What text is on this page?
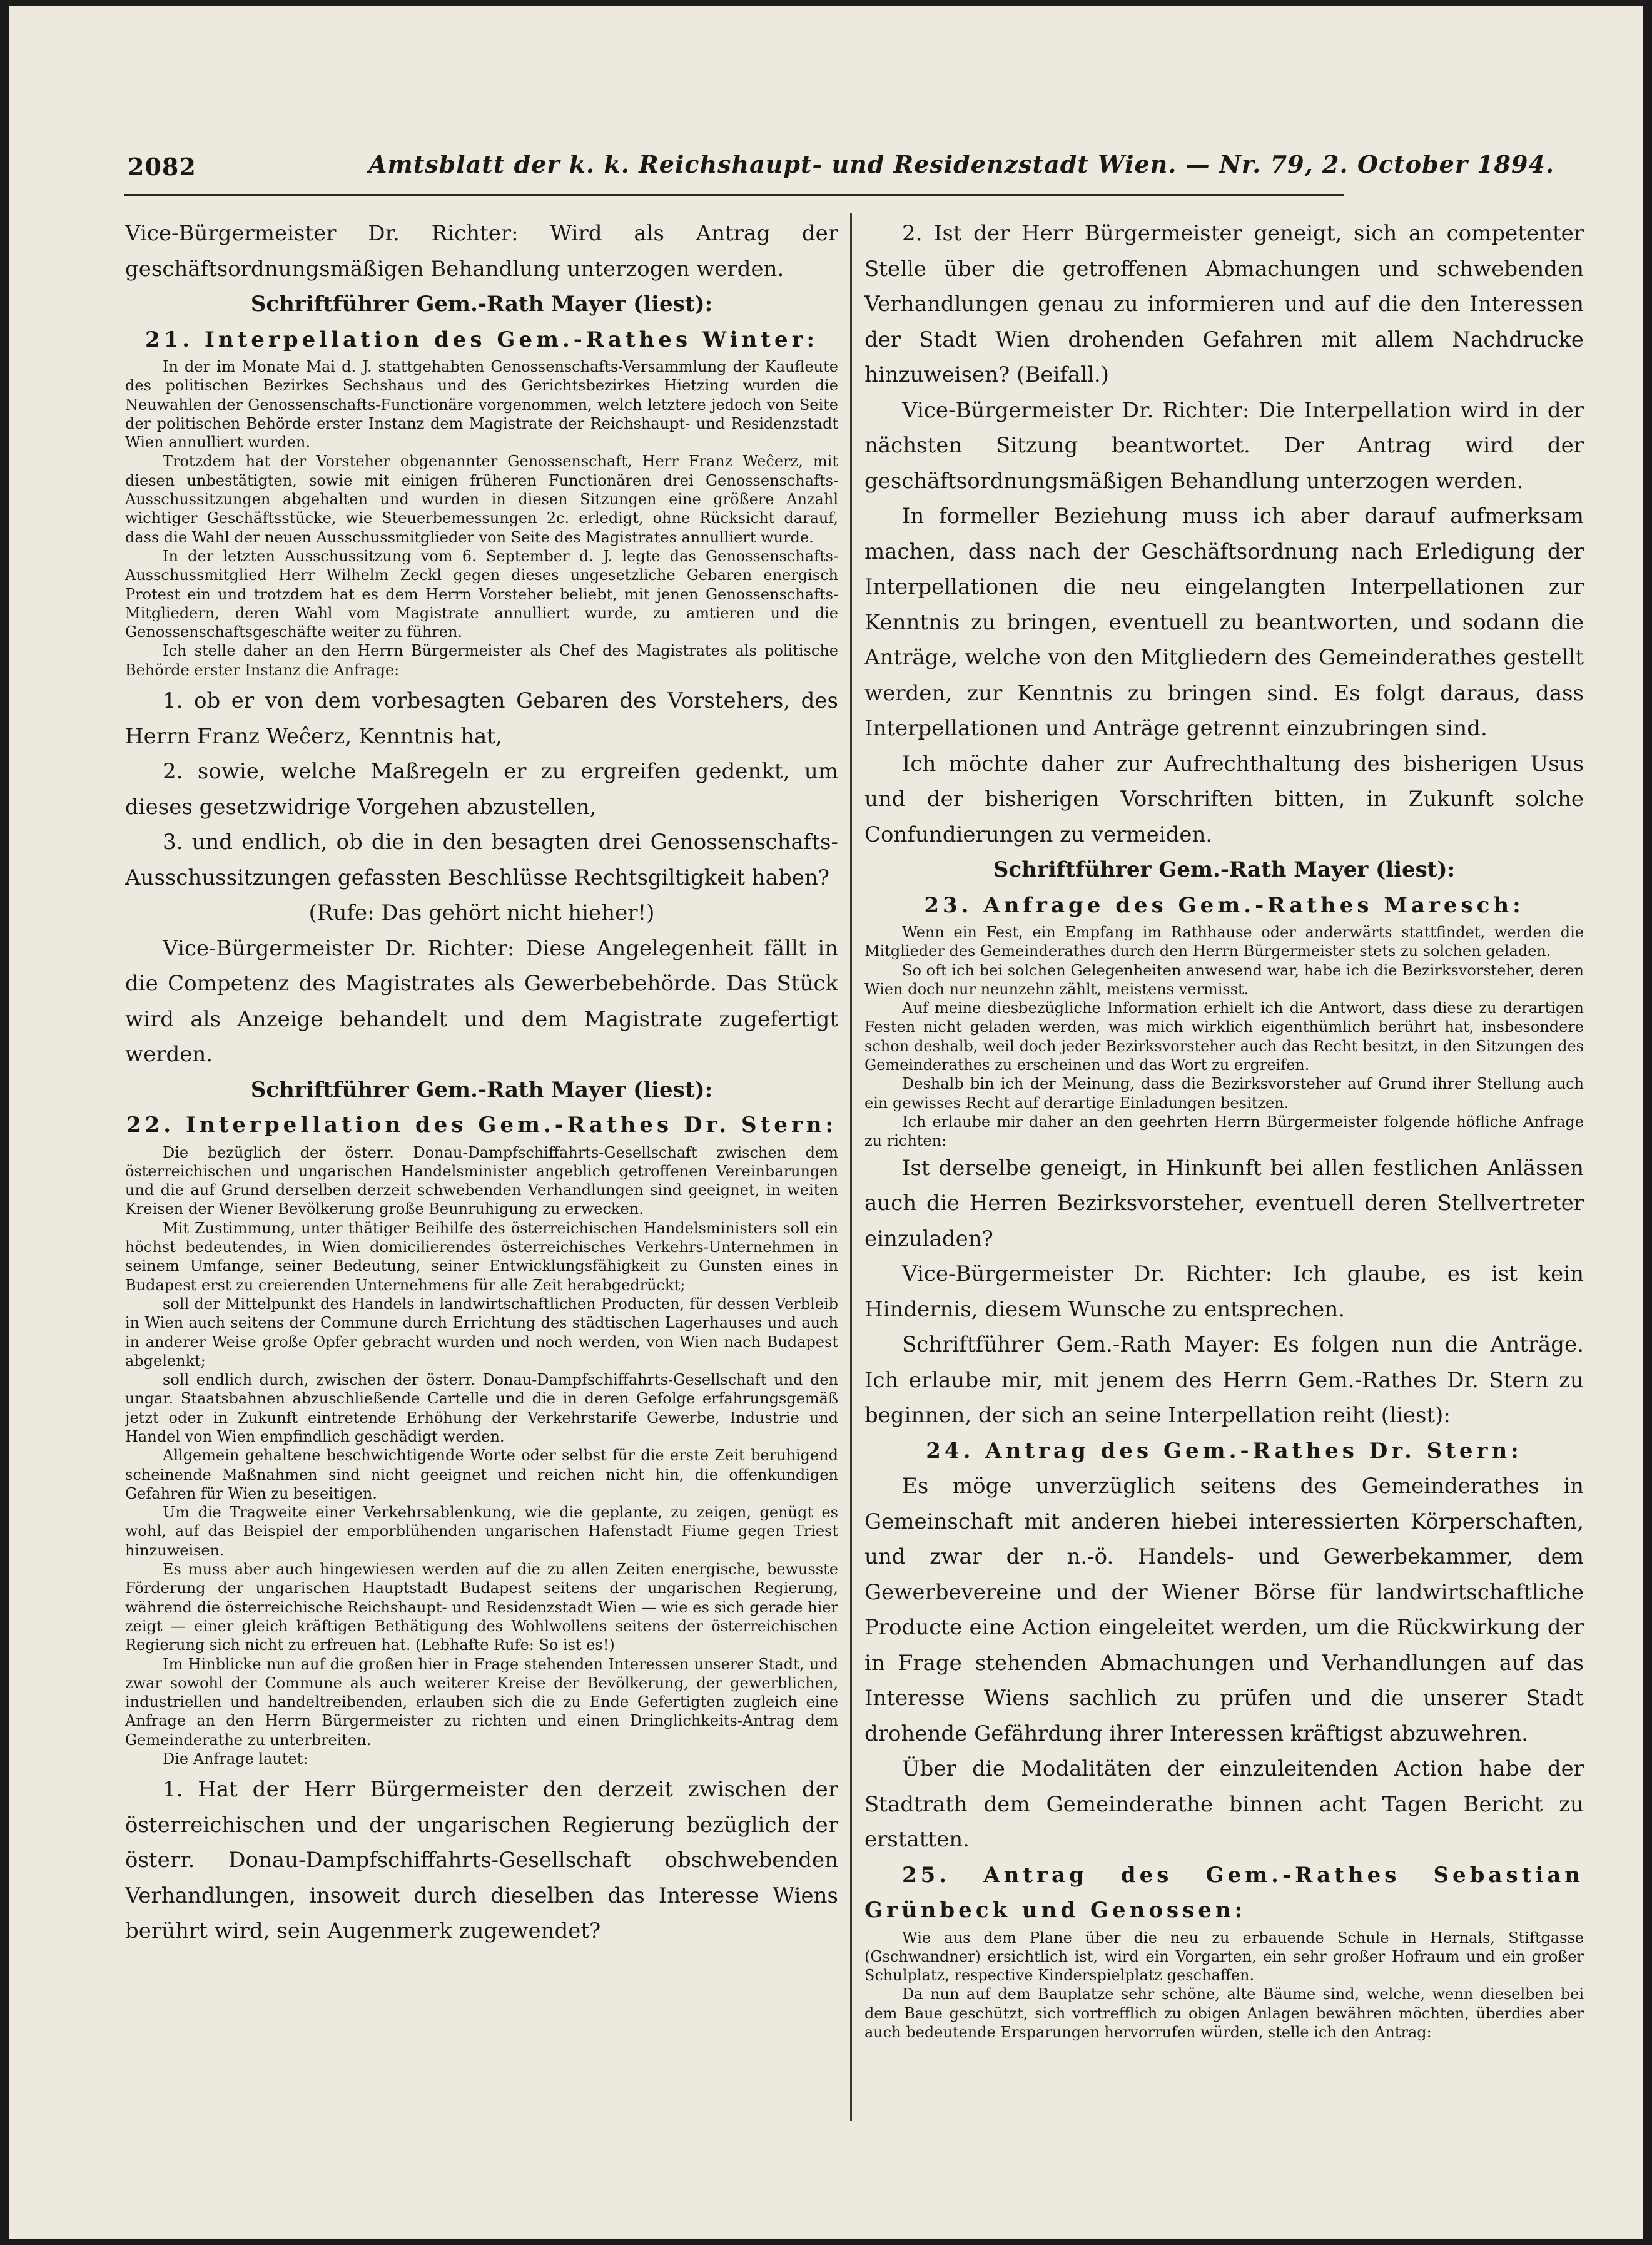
2082	Amtsblatt der k. k. Reichshaupt- und Residenzstadt Wien. — Nr. 79, 2. October 1894.

Vice-Bürgermeister Dr. Richter: Wird als Antrag der geschäftsordnungsmäßigen Behandlung unterzogen werden.

Schriftführer Gem.-Rath Mayer (liest):

21. Interpellation des Gem.-Rathes Winter:

In der im Monate Mai d. J. stattgehabten Genossenschafts-Versammlung der Kaufleute des politischen Bezirkes Sechshaus und des Gerichtsbezirkes Hietzing wurden die Neuwahlen der Genossenschafts-Functionäre vorgenommen, welch letztere jedoch von Seite der politischen Behörde erster Instanz dem Magistrate der Reichshaupt- und Residenzstadt Wien annulliert wurden.

Trotzdem hat der Vorsteher obgenannter Genossenschaft, Herr Franz Weĉerz, mit diesen unbestätigten, sowie mit einigen früheren Functionären drei Genossenschafts-Ausschussitzungen abgehalten und wurden in diesen Sitzungen eine größere Anzahl wichtiger Geschäftsstücke, wie Steuerbemessungen 2c. erledigt, ohne Rücksicht darauf, dass die Wahl der neuen Ausschussmitglieder von Seite des Magistrates annulliert wurde.

In der letzten Ausschussitzung vom 6. September d. J. legte das Genossenschafts-Ausschussmitglied Herr Wilhelm Zeckl gegen dieses ungesetzliche Gebaren energisch Protest ein und trotzdem hat es dem Herrn Vorsteher beliebt, mit jenen Genossenschafts-Mitgliedern, deren Wahl vom Magistrate annulliert wurde, zu amtieren und die Genossenschaftsgeschäfte weiter zu führen.

Ich stelle daher an den Herrn Bürgermeister als Chef des Magistrates als politische Behörde erster Instanz die Anfrage:

1. ob er von dem vorbesagten Gebaren des Vorstehers, des Herrn Franz Weĉerz, Kenntnis hat,

2. sowie, welche Maßregeln er zu ergreifen gedenkt, um dieses gesetzwidrige Vorgehen abzustellen,

3. und endlich, ob die in den besagten drei Genossenschafts-Ausschussitzungen gefassten Beschlüsse Rechtsgiltigkeit haben?

(Rufe: Das gehört nicht hieher!)

Vice-Bürgermeister Dr. Richter: Diese Angelegenheit fällt in die Competenz des Magistrates als Gewerbebehörde. Das Stück wird als Anzeige behandelt und dem Magistrate zugefertigt werden.

Schriftführer Gem.-Rath Mayer (liest):

22. Interpellation des Gem.-Rathes Dr. Stern:

Die bezüglich der österr. Donau-Dampfschiffahrts-Gesellschaft zwischen dem österreichischen und ungarischen Handelsminister angeblich getroffenen Vereinbarungen und die auf Grund derselben derzeit schwebenden Verhandlungen sind geeignet, in weiten Kreisen der Wiener Bevölkerung große Beunruhigung zu erwecken.

Mit Zustimmung, unter thätiger Beihilfe des österreichischen Handelsministers soll ein höchst bedeutendes, in Wien domicilierendes österreichisches Verkehrs-Unternehmen in seinem Umfange, seiner Bedeutung, seiner Entwicklungsfähigkeit zu Gunsten eines in Budapest erst zu creierenden Unternehmens für alle Zeit herabgedrückt;

soll der Mittelpunkt des Handels in landwirtschaftlichen Producten, für dessen Verbleib in Wien auch seitens der Commune durch Errichtung des städtischen Lagerhauses und auch in anderer Weise große Opfer gebracht wurden und noch werden, von Wien nach Budapest abgelenkt;

soll endlich durch, zwischen der österr. Donau-Dampfschiffahrts-Gesellschaft und den ungar. Staatsbahnen abzuschließende Cartelle und die in deren Gefolge erfahrungsgemäß jetzt oder in Zukunft eintretende Erhöhung der Verkehrstarife Gewerbe, Industrie und Handel von Wien empfindlich geschädigt werden.

Allgemein gehaltene beschwichtigende Worte oder selbst für die erste Zeit beruhigend scheinende Maßnahmen sind nicht geeignet und reichen nicht hin, die offenkundigen Gefahren für Wien zu beseitigen.

Um die Tragweite einer Verkehrsablenkung, wie die geplante, zu zeigen, genügt es wohl, auf das Beispiel der emporblühenden ungarischen Hafenstadt Fiume gegen Triest hinzuweisen.

Es muss aber auch hingewiesen werden auf die zu allen Zeiten energische, bewusste Förderung der ungarischen Hauptstadt Budapest seitens der ungarischen Regierung, während die österreichische Reichshaupt- und Residenzstadt Wien — wie es sich gerade hier zeigt — einer gleich kräftigen Bethätigung des Wohlwollens seitens der österreichischen Regierung sich nicht zu erfreuen hat. (Lebhafte Rufe: So ist es!)

Im Hinblicke nun auf die großen hier in Frage stehenden Interessen unserer Stadt, und zwar sowohl der Commune als auch weiterer Kreise der Bevölkerung, der gewerblichen, industriellen und handeltreibenden, erlauben sich die zu Ende Gefertigten zugleich eine Anfrage an den Herrn Bürgermeister zu richten und einen Dringlichkeits-Antrag dem Gemeinderathe zu unterbreiten.

Die Anfrage lautet:

1. Hat der Herr Bürgermeister den derzeit zwischen der österreichischen und der ungarischen Regierung bezüglich der österr. Donau-Dampfschiffahrts-Gesellschaft obschwebenden Verhandlungen, insoweit durch dieselben das Interesse Wiens berührt wird, sein Augenmerk zugewendet?

2. Ist der Herr Bürgermeister geneigt, sich an competenter Stelle über die getroffenen Abmachungen und schwebenden Verhandlungen genau zu informieren und auf die den Interessen der Stadt Wien drohenden Gefahren mit allem Nachdrucke hinzuweisen? (Beifall.)

Vice-Bürgermeister Dr. Richter: Die Interpellation wird in der nächsten Sitzung beantwortet. Der Antrag wird der geschäftsordnungsmäßigen Behandlung unterzogen werden.

In formeller Beziehung muss ich aber darauf aufmerksam machen, dass nach der Geschäftsordnung nach Erledigung der Interpellationen die neu eingelangten Interpellationen zur Kenntnis zu bringen, eventuell zu beantworten, und sodann die Anträge, welche von den Mitgliedern des Gemeinderathes gestellt werden, zur Kenntnis zu bringen sind. Es folgt daraus, dass Interpellationen und Anträge getrennt einzubringen sind.

Ich möchte daher zur Aufrechthaltung des bisherigen Usus und der bisherigen Vorschriften bitten, in Zukunft solche Confundierungen zu vermeiden.

Schriftführer Gem.-Rath Mayer (liest):

23. Anfrage des Gem.-Rathes Maresch:

Wenn ein Fest, ein Empfang im Rathhause oder anderwärts stattfindet, werden die Mitglieder des Gemeinderathes durch den Herrn Bürgermeister stets zu solchen geladen.

So oft ich bei solchen Gelegenheiten anwesend war, habe ich die Bezirksvorsteher, deren Wien doch nur neunzehn zählt, meistens vermisst.

Auf meine diesbezügliche Information erhielt ich die Antwort, dass diese zu derartigen Festen nicht geladen werden, was mich wirklich eigenthümlich berührt hat, insbesondere schon deshalb, weil doch jeder Bezirksvorsteher auch das Recht besitzt, in den Sitzungen des Gemeinderathes zu erscheinen und das Wort zu ergreifen.

Deshalb bin ich der Meinung, dass die Bezirksvorsteher auf Grund ihrer Stellung auch ein gewisses Recht auf derartige Einladungen besitzen.

Ich erlaube mir daher an den geehrten Herrn Bürgermeister folgende höfliche Anfrage zu richten:

Ist derselbe geneigt, in Hinkunft bei allen festlichen Anlässen auch die Herren Bezirksvorsteher, eventuell deren Stellvertreter einzuladen?

Vice-Bürgermeister Dr. Richter: Ich glaube, es ist kein Hindernis, diesem Wunsche zu entsprechen.

Schriftführer Gem.-Rath Mayer: Es folgen nun die Anträge. Ich erlaube mir, mit jenem des Herrn Gem.-Rathes Dr. Stern zu beginnen, der sich an seine Interpellation reiht (liest):

24. Antrag des Gem.-Rathes Dr. Stern:

Es möge unverzüglich seitens des Gemeinderathes in Gemeinschaft mit anderen hiebei interessierten Körperschaften, und zwar der n.-ö. Handels- und Gewerbekammer, dem Gewerbevereine und der Wiener Börse für landwirtschaftliche Producte eine Action eingeleitet werden, um die Rückwirkung der in Frage stehenden Abmachungen und Verhandlungen auf das Interesse Wiens sachlich zu prüfen und die unserer Stadt drohende Gefährdung ihrer Interessen kräftigst abzuwehren.

Über die Modalitäten der einzuleitenden Action habe der Stadtrath dem Gemeinderathe binnen acht Tagen Bericht zu erstatten.

25. Antrag des Gem.-Rathes Sebastian Grünbeck und Genossen:

Wie aus dem Plane über die neu zu erbauende Schule in Hernals, Stiftgasse (Gschwandner) ersichtlich ist, wird ein Vorgarten, ein sehr großer Hofraum und ein großer Schulplatz, respective Kinderspielplatz geschaffen.

Da nun auf dem Bauplatze sehr schöne, alte Bäume sind, welche, wenn dieselben bei dem Baue geschützt, sich vortrefflich zu obigen Anlagen bewähren möchten, überdies aber auch bedeutende Ersparungen hervorrufen würden, stelle ich den Antrag:
